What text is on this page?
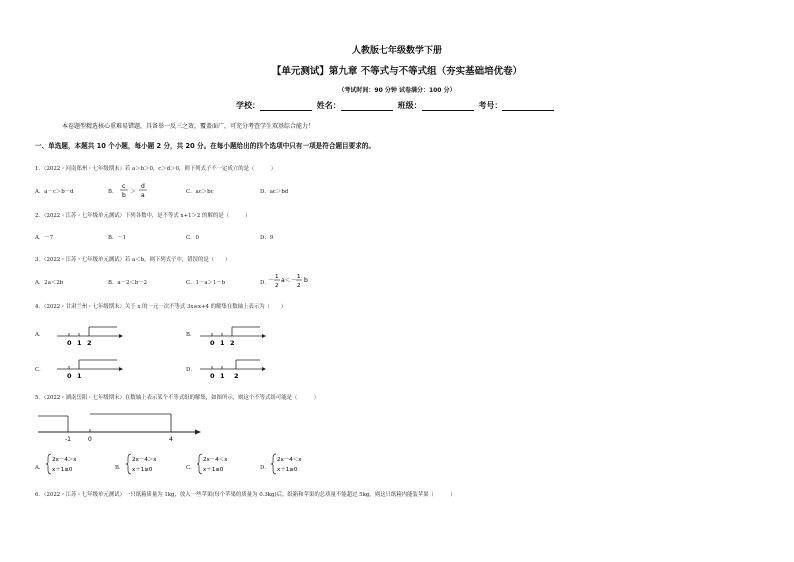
人教版七年级数学下册
【单元测试】第九章 不等式与不等式组（夯实基础培优卷）
（考试时间：90 分钟 试卷满分：100 分）
学校：	姓名：	班级：	考号：
本卷题型精选核心重难易错题，具备举一反三之效，覆盖面广，可充分考查学生双基综合能力！
一、单选题，本题共 10 个小题，每小题 2 分，共 20 分。在每小题给出的四个选项中只有一项是符合题目要求的。
1．（2022・河南郑州・七年级期末）若 a＞b＞0，c＞d＞0，则下列式子不一定成立的是（　　　）
A．a－c＞b－d	B．
c
b
＞
d
a	C．ac＞bc	D．ac＞bd
2．（2022・江苏・七年级单元测试）下列各数中，是不等式 x+1＞2 的解的是（　　　）
A．－7	B．－1	C．0	D．9
3．（2022・江苏・七年级单元测试）若 a＜b，则下列式子中，错误的是（　　）
A．2a＜2b	B．a－2＜b－2	C．1－a＞1－b	D．
－ 1
2
a＜－ 1
2
b
4．（2022・甘肃兰州・七年级期末）关于 x 的一元一次不等式 3x≥x+4 的解集在数轴上表示为（　　）
A．
0 1 2
B．
0 1 2
C．
0 1
D．
0 1 2
5．（2022・湖南岳阳・七年级期末）在数轴上表示某个不等式组的解集，如图所示，则这个不等式组可能是（　　　）
-1	0	4
A．
2x－4＞x
x＋1≤0	B．
2x－4＞x
x＋1≥0	C．
2x－4＜x
x＋1≤0	D．
2x－4＜x
x＋1≥0
6．（2022・江苏・七年级单元测试）一只纸箱质量为 1kg，放入一些苹果(每个苹果的质量为 0.3kg)后，纸箱和苹果的总质量不能超过 5kg，则这只纸箱内能装苹果（　　　）
